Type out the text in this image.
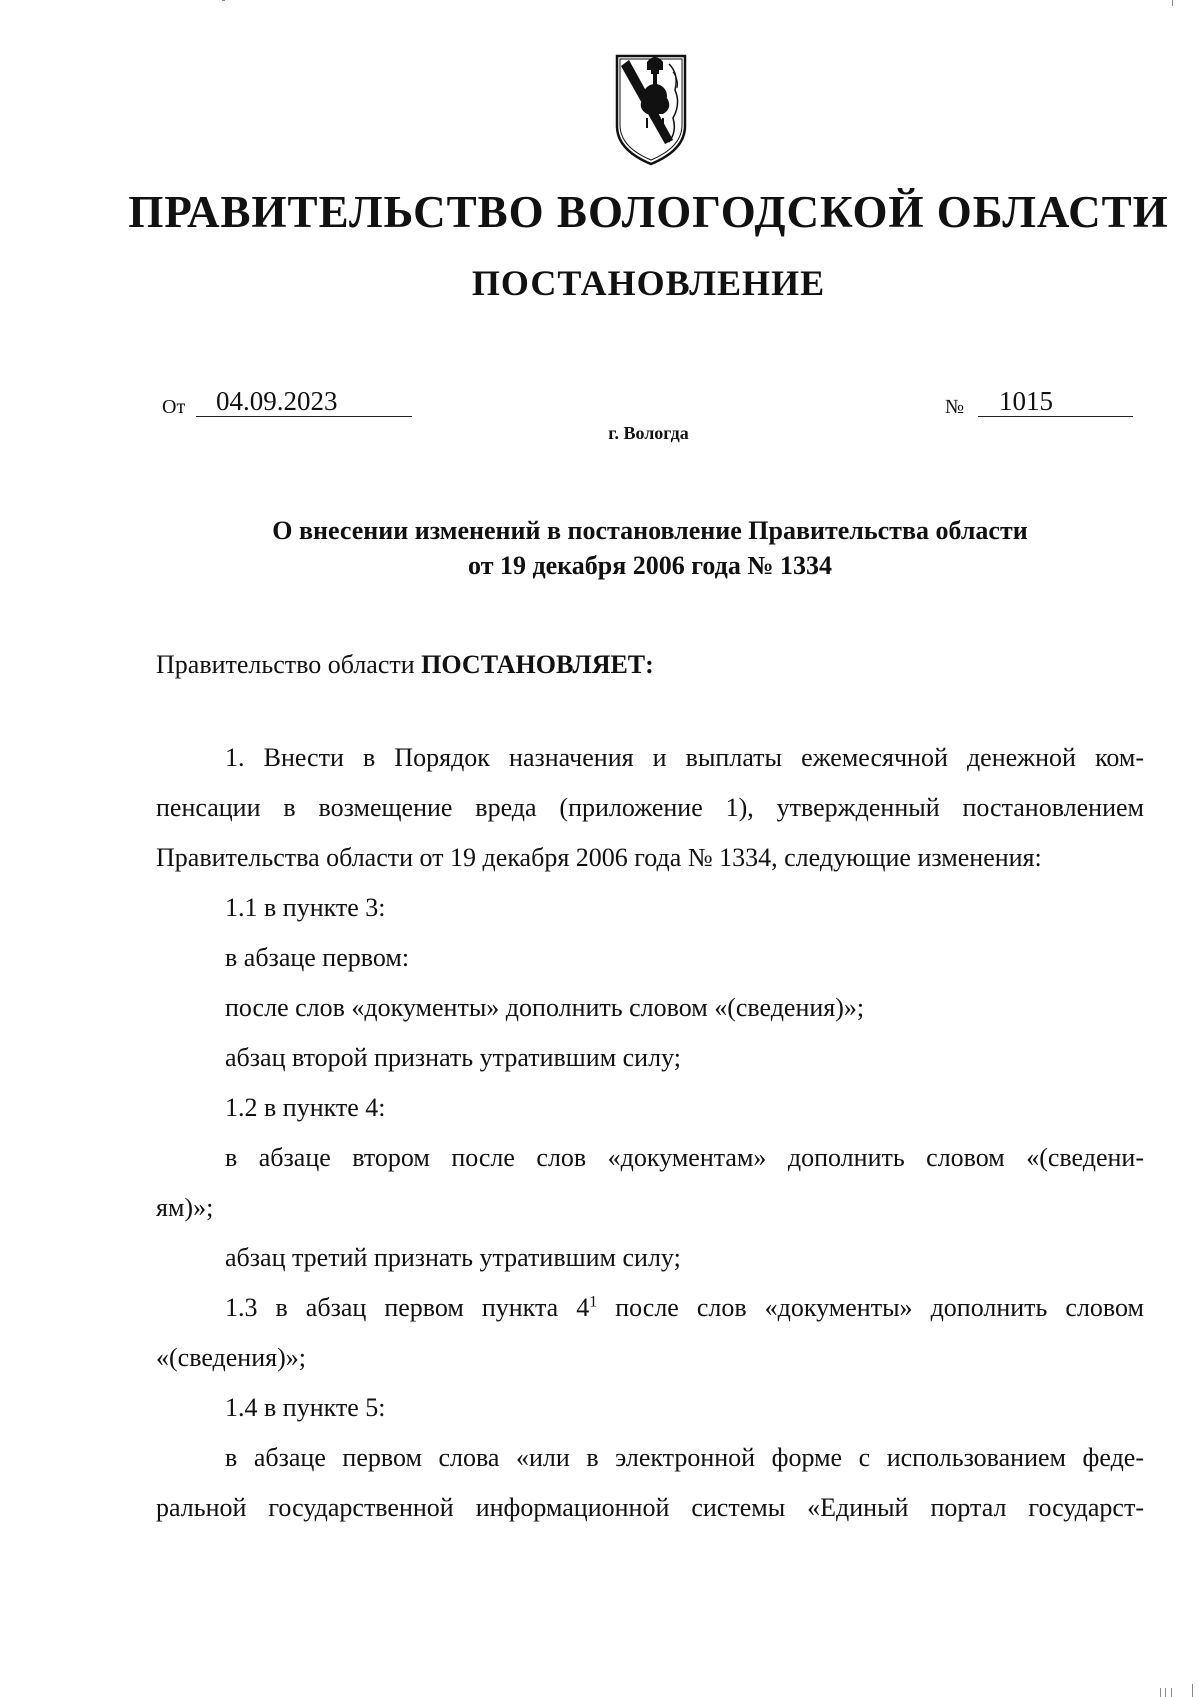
ПРАВИТЕЛЬСТВО ВОЛОГОДСКОЙ ОБЛАСТИ
ПОСТАНОВЛЕНИЕ
От	04.09.2023	№	1015
г. Вологда
О внесении изменений в постановление Правительства области
от 19 декабря 2006 года № 1334
Правительство области ПОСТАНОВЛЯЕТ:
1. Внести в Порядок назначения и выплаты ежемесячной денежной ком-
пенсации в возмещение вреда (приложение 1), утвержденный постановлением
Правительства области от 19 декабря 2006 года № 1334, следующие изменения:
1.1 в пункте 3:
в абзаце первом:
после слов «документы» дополнить словом «(сведения)»;
абзац второй признать утратившим силу;
1.2 в пункте 4:
в абзаце втором после слов «документам» дополнить словом «(сведени-
ям)»;
абзац третий признать утратившим силу;
1.3 в абзац первом пункта $4^1$ после слов «документы» дополнить словом
«(сведения)»;
1.4 в пункте 5:
в абзаце первом слова «или в электронной форме с использованием феде-
ральной государственной информационной системы «Единый портал государст-
